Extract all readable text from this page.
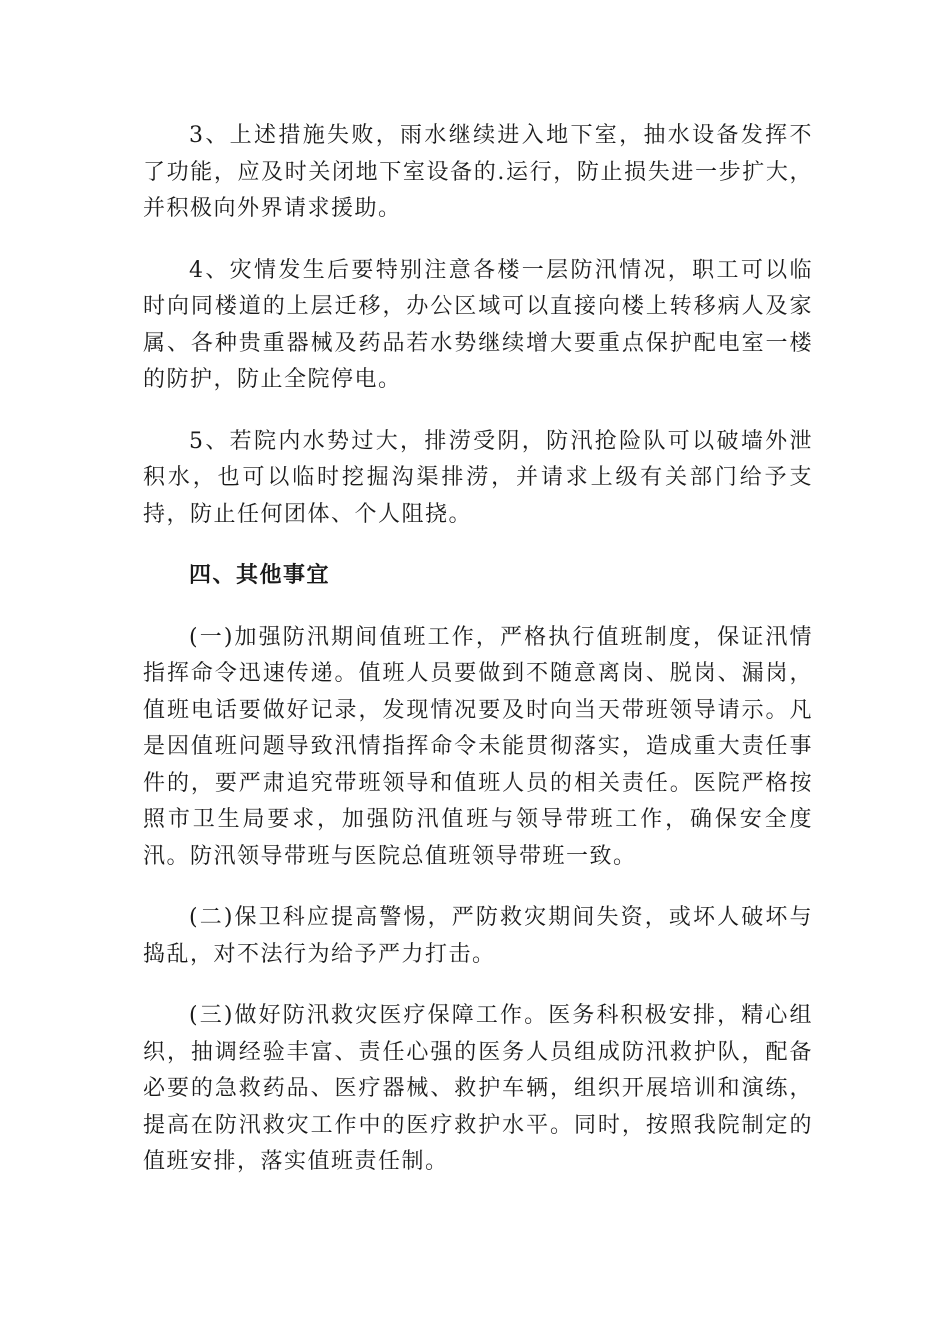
3、上述措施失败，雨水继续进入地下室，抽水设备发挥不了功能，应及时关闭地下室设备的.运行，防止损失进一步扩大，并积极向外界请求援助。

4、灾情发生后要特别注意各楼一层防汛情况，职工可以临时向同楼道的上层迁移，办公区域可以直接向楼上转移病人及家属、各种贵重器械及药品若水势继续增大要重点保护配电室一楼的防护，防止全院停电。

5、若院内水势过大，排涝受阴，防汛抢险队可以破墙外泄积水，也可以临时挖掘沟渠排涝，并请求上级有关部门给予支持，防止任何团体、个人阻挠。

四、其他事宜

(一)加强防汛期间值班工作，严格执行值班制度，保证汛情指挥命令迅速传递。值班人员要做到不随意离岗、脱岗、漏岗，值班电话要做好记录，发现情况要及时向当天带班领导请示。凡是因值班问题导致汛情指挥命令未能贯彻落实，造成重大责任事件的，要严肃追究带班领导和值班人员的相关责任。医院严格按照市卫生局要求，加强防汛值班与领导带班工作，确保安全度汛。防汛领导带班与医院总值班领导带班一致。

(二)保卫科应提高警惕，严防救灾期间失资，或坏人破坏与捣乱，对不法行为给予严力打击。

(三)做好防汛救灾医疗保障工作。医务科积极安排，精心组织，抽调经验丰富、责任心强的医务人员组成防汛救护队，配备必要的急救药品、医疗器械、救护车辆，组织开展培训和演练，提高在防汛救灾工作中的医疗救护水平。同时，按照我院制定的值班安排，落实值班责任制。
